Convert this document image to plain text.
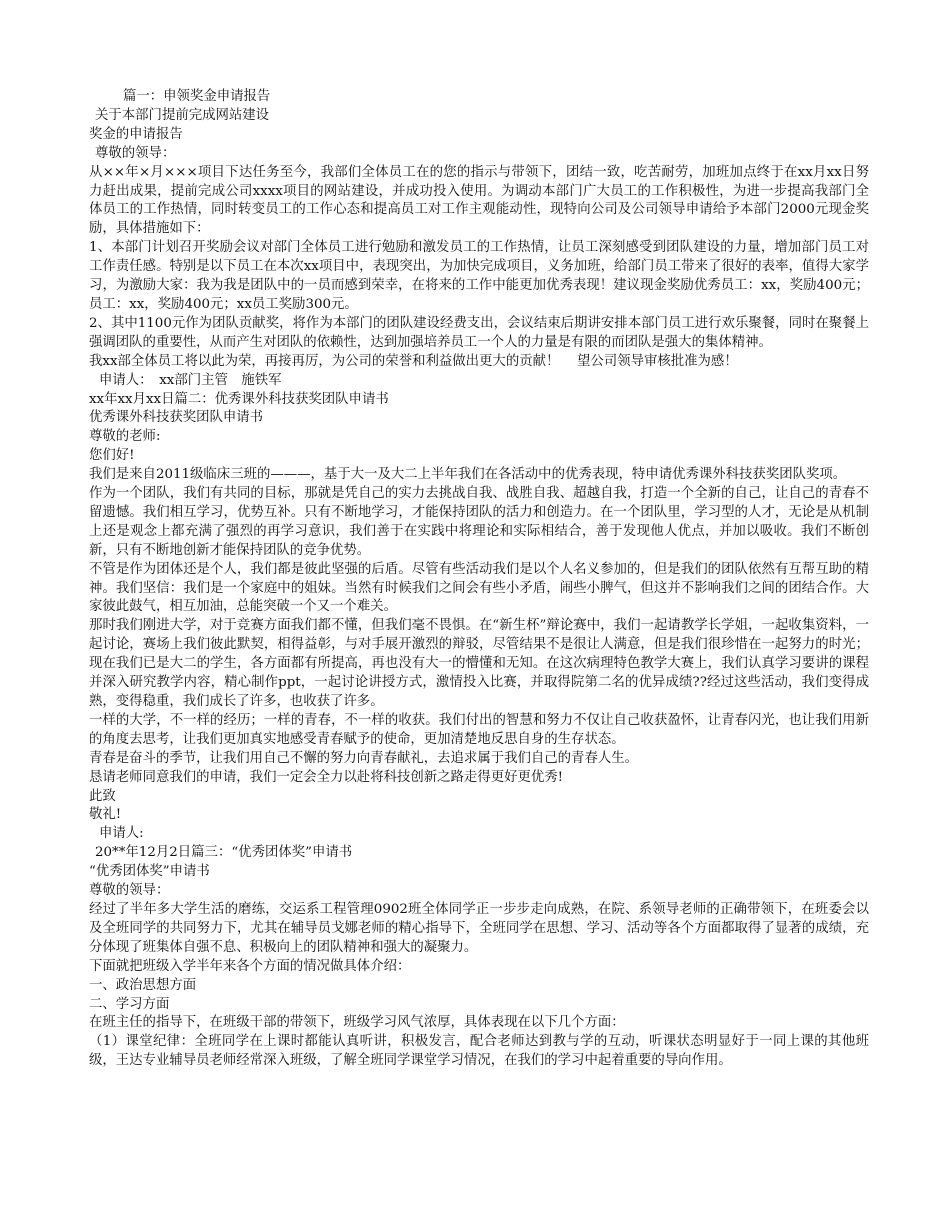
篇一：申领奖金申请报告
关于本部门提前完成网站建设
奖金的申请报告
尊敬的领导：
从××年×月×××项目下达任务至今，我部们全体员工在的您的指示与带领下，团结一致，吃苦耐劳，加班加点终于在xx月xx日努力赶出成果，提前完成公司xxxx项目的网站建设，并成功投入使用。为调动本部门广大员工的工作积极性，为进一步提高我部门全体员工的工作热情，同时转变员工的工作心态和提高员工对工作主观能动性，现特向公司及公司领导申请给予本部门2000元现金奖励，具体措施如下：
1、本部门计划召开奖励会议对部门全体员工进行勉励和激发员工的工作热情，让员工深刻感受到团队建设的力量，增加部门员工对工作责任感。特别是以下员工在本次xx项目中，表现突出，为加快完成项目，义务加班，给部门员工带来了很好的表率，值得大家学习，为激励大家：我为我是团队中的一员而感到荣幸，在将来的工作中能更加优秀表现！建议现金奖励优秀员工：xx，奖励400元；员工：xx，奖励400元；xx员工奖励300元。
2、其中1100元作为团队贡献奖，将作为本部门的团队建设经费支出，会议结束后期讲安排本部门员工进行欢乐聚餐，同时在聚餐上强调团队的重要性，从而产生对团队的依赖性，达到加强培养员工一个人的力量是有限的而团队是强大的集体精神。
我xx部全体员工将以此为荣，再接再厉，为公司的荣誉和利益做出更大的贡献！　 望公司领导审核批准为感！
申请人：　xx部门主管　施铁军
xx年xx月xx日篇二：优秀课外科技获奖团队申请书
优秀课外科技获奖团队申请书
尊敬的老师:
您们好!
我们是来自2011级临床三班的———，基于大一及大二上半年我们在各活动中的优秀表现，特申请优秀课外科技获奖团队奖项。
作为一个团队，我们有共同的目标，那就是凭自己的实力去挑战自我、战胜自我、超越自我，打造一个全新的自己，让自己的青春不留遗憾。我们相互学习，优势互补。只有不断地学习，才能保持团队的活力和创造力。在一个团队里，学习型的人才，无论是从机制上还是观念上都充满了强烈的再学习意识，我们善于在实践中将理论和实际相结合，善于发现他人优点，并加以吸收。我们不断创新，只有不断地创新才能保持团队的竞争优势。
不管是作为团体还是个人，我们都是彼此坚强的后盾。尽管有些活动我们是以个人名义参加的，但是我们的团队依然有互帮互助的精神。我们坚信：我们是一个家庭中的姐妹。当然有时候我们之间会有些小矛盾，闹些小脾气，但这并不影响我们之间的团结合作。大家彼此鼓气，相互加油，总能突破一个又一个难关。
那时我们刚进大学，对于竞赛方面我们都不懂，但我们毫不畏惧。在“新生杯”辩论赛中，我们一起请教学长学姐，一起收集资料，一起讨论，赛场上我们彼此默契，相得益彰，与对手展开激烈的辩驳，尽管结果不是很让人满意，但是我们很珍惜在一起努力的时光；现在我们已是大二的学生，各方面都有所提高，再也没有大一的懵懂和无知。在这次病理特色教学大赛上，我们认真学习要讲的课程并深入研究教学内容，精心制作ppt，一起讨论讲授方式，激情投入比赛，并取得院第二名的优异成绩??经过这些活动，我们变得成熟，变得稳重，我们成长了许多，也收获了许多。
一样的大学，不一样的经历；一样的青春，不一样的收获。我们付出的智慧和努力不仅让自己收获盈怀，让青春闪光，也让我们用新的角度去思考，让我们更加真实地感受青春赋予的使命，更加清楚地反思自身的生存状态。
青春是奋斗的季节，让我们用自己不懈的努力向青春献礼，去追求属于我们自己的青春人生。
恳请老师同意我们的申请，我们一定会全力以赴将科技创新之路走得更好更优秀!
此致
敬礼!
申请人:
20**年12月2日篇三：“优秀团体奖”申请书
“优秀团体奖”申请书
尊敬的领导：
经过了半年多大学生活的磨练，交运系工程管理0902班全体同学正一步步走向成熟，在院、系领导老师的正确带领下，在班委会以及全班同学的共同努力下，尤其在辅导员戈娜老师的精心指导下，全班同学在思想、学习、活动等各个方面都取得了显著的成绩，充分体现了班集体自强不息、积极向上的团队精神和强大的凝聚力。
下面就把班级入学半年来各个方面的情况做具体介绍：
一、政治思想方面
二、学习方面
在班主任的指导下，在班级干部的带领下，班级学习风气浓厚，具体表现在以下几个方面：
（1）课堂纪律：全班同学在上课时都能认真听讲，积极发言，配合老师达到教与学的互动，听课状态明显好于一同上课的其他班级，王达专业辅导员老师经常深入班级，了解全班同学课堂学习情况，在我们的学习中起着重要的导向作用。
